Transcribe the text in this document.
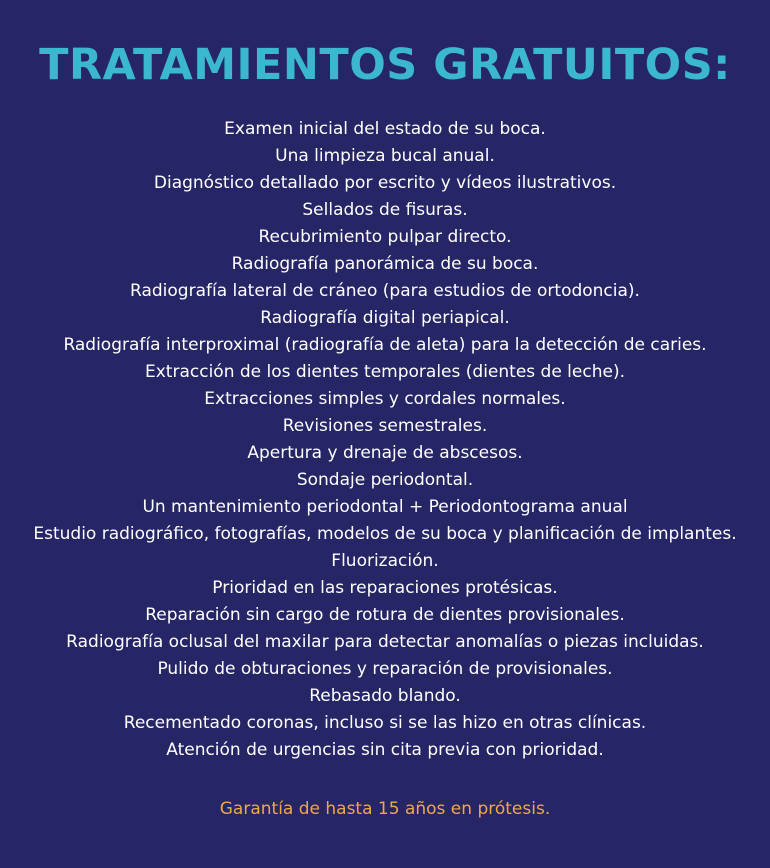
TRATAMIENTOS GRATUITOS:
Examen inicial del estado de su boca.
Una limpieza bucal anual.
Diagnóstico detallado por escrito y vídeos ilustrativos.
Sellados de fisuras.
Recubrimiento pulpar directo.
Radiografía panorámica de su boca.
Radiografía lateral de cráneo (para estudios de ortodoncia).
Radiografía digital periapical.
Radiografía interproximal (radiografía de aleta) para la detección de caries.
Extracción de los dientes temporales (dientes de leche).
Extracciones simples y cordales normales.
Revisiones semestrales.
Apertura y drenaje de abscesos.
Sondaje periodontal.
Un mantenimiento periodontal + Periodontograma anual
Estudio radiográfico, fotografías, modelos de su boca y planificación de implantes.
Fluorización.
Prioridad en las reparaciones protésicas.
Reparación sin cargo de rotura de dientes provisionales.
Radiografía oclusal del maxilar para detectar anomalías o piezas incluidas.
Pulido de obturaciones y reparación de provisionales.
Rebasado blando.
Recementado coronas, incluso si se las hizo en otras clínicas.
Atención de urgencias sin cita previa con prioridad.

Garantía de hasta 15 años en prótesis.
